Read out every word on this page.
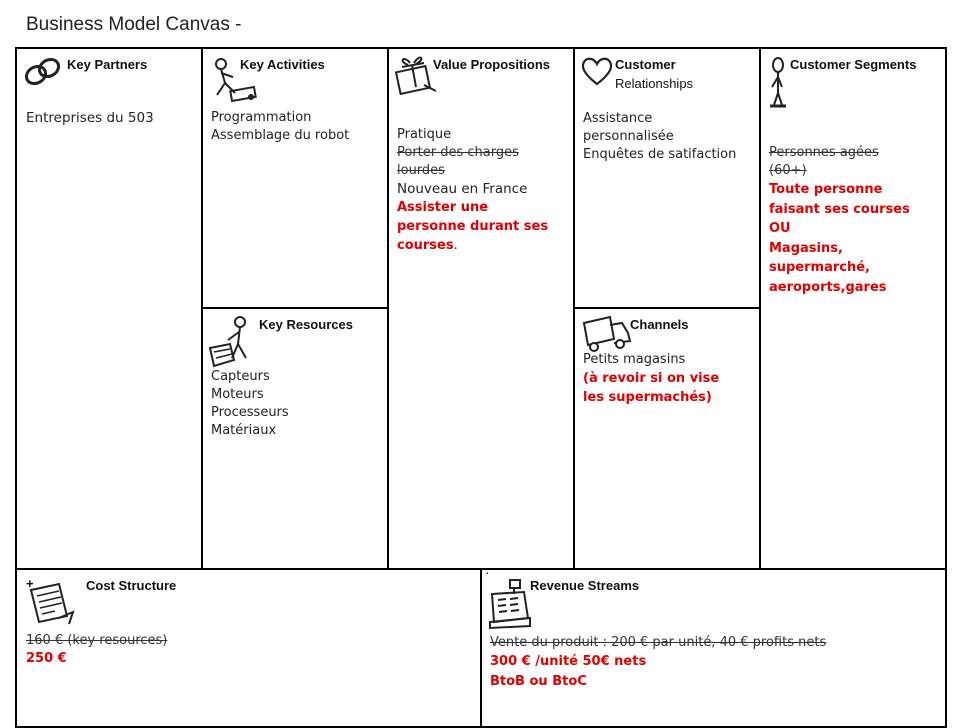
Business Model Canvas -
Key Partners
Entreprises du 503
Key Activities
Programmation
Assemblage du robot
Key Resources
Capteurs
Moteurs
Processeurs
Matériaux
Value Propositions
Pratique
Porter des charges
lourdes
Nouveau en France
Assister une
personne durant ses
courses.
Customer
Relationships
Assistance
personnalisée
Enquêtes de satifaction
Channels
Petits magasins
(à revoir si on vise
les supermachés)
Customer Segments
Personnes agées
(60+)
Toute personne
faisant ses courses
OU
Magasins,
supermarché,
aeroports,gares
+	Cost Structure
160 € (key resources)
250 €
·
Revenue Streams
Vente du produit : 200 € par unité, 40 € profits nets
300 € /unité 50€ nets
BtoB ou BtoC
